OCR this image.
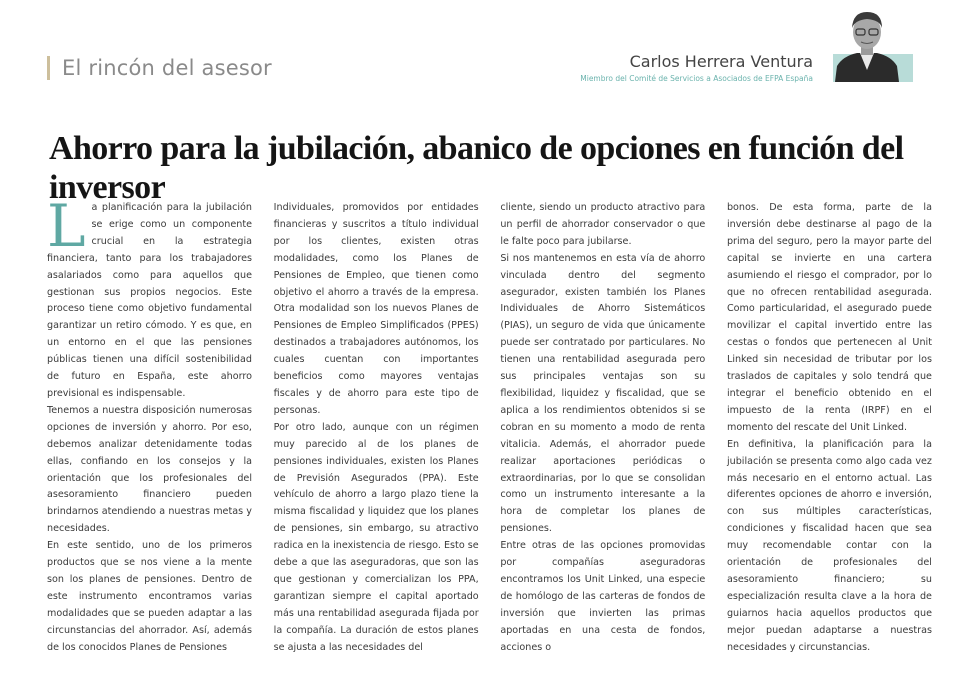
El rincón del asesor	Carlos Herrera Ventura
Miembro del Comité de Servicios a Asociados de EFPA España
Ahorro para la jubilación, abanico de opciones en función del inversor

La planificación para la jubilación se erige como un componente crucial en la estrategia financiera, tanto para los trabajadores asalariados como para aquellos que gestionan sus propios negocios. Este proceso tiene como objetivo fundamental garantizar un retiro cómodo. Y es que, en un entorno en el que las pensiones públicas tienen una difícil sostenibilidad de futuro en España, este ahorro previsional es indispensable.

Tenemos a nuestra disposición numerosas opciones de inversión y ahorro. Por eso, debemos analizar detenidamente todas ellas, confiando en los consejos y la orientación que los profesionales del asesoramiento financiero pueden brindarnos atendiendo a nuestras metas y necesidades.

En este sentido, uno de los primeros productos que se nos viene a la mente son los planes de pensiones. Dentro de este instrumento encontramos varias modalidades que se pueden adaptar a las circunstancias del ahorrador. Así, además de los conocidos Planes de Pensiones

Individuales, promovidos por entidades financieras y suscritos a título individual por los clientes, existen otras modalidades, como los Planes de Pensiones de Empleo, que tienen como objetivo el ahorro a través de la empresa. Otra modalidad son los nuevos Planes de Pensiones de Empleo Simplificados (PPES) destinados a trabajadores autónomos, los cuales cuentan con importantes beneficios como mayores ventajas fiscales y de ahorro para este tipo de personas.

Por otro lado, aunque con un régimen muy parecido al de los planes de pensiones individuales, existen los Planes de Previsión Asegurados (PPA). Este vehículo de ahorro a largo plazo tiene la misma fiscalidad y liquidez que los planes de pensiones, sin embargo, su atractivo radica en la inexistencia de riesgo. Esto se debe a que las aseguradoras, que son las que gestionan y comercializan los PPA, garantizan siempre el capital aportado más una rentabilidad asegurada fijada por la compañía. La duración de estos planes se ajusta a las necesidades del

cliente, siendo un producto atractivo para un perfil de ahorrador conservador o que le falte poco para jubilarse.

Si nos mantenemos en esta vía de ahorro vinculada dentro del segmento asegurador, existen también los Planes Individuales de Ahorro Sistemáticos (PIAS), un seguro de vida que únicamente puede ser contratado por particulares. No tienen una rentabilidad asegurada pero sus principales ventajas son su flexibilidad, liquidez y fiscalidad, que se aplica a los rendimientos obtenidos si se cobran en su momento a modo de renta vitalicia. Además, el ahorrador puede realizar aportaciones periódicas o extraordinarias, por lo que se consolidan como un instrumento interesante a la hora de completar los planes de pensiones.

Entre otras de las opciones promovidas por compañías aseguradoras encontramos los Unit Linked, una especie de homólogo de las carteras de fondos de inversión que invierten las primas aportadas en una cesta de fondos, acciones o

bonos. De esta forma, parte de la inversión debe destinarse al pago de la prima del seguro, pero la mayor parte del capital se invierte en una cartera asumiendo el riesgo el comprador, por lo que no ofrecen rentabilidad asegurada. Como particularidad, el asegurado puede movilizar el capital invertido entre las cestas o fondos que pertenecen al Unit Linked sin necesidad de tributar por los traslados de capitales y solo tendrá que integrar el beneficio obtenido en el impuesto de la renta (IRPF) en el momento del rescate del Unit Linked.

En definitiva, la planificación para la jubilación se presenta como algo cada vez más necesario en el entorno actual. Las diferentes opciones de ahorro e inversión, con sus múltiples características, condiciones y fiscalidad hacen que sea muy recomendable contar con la orientación de profesionales del asesoramiento financiero; su especialización resulta clave a la hora de guiarnos hacia aquellos productos que mejor puedan adaptarse a nuestras necesidades y circunstancias.
